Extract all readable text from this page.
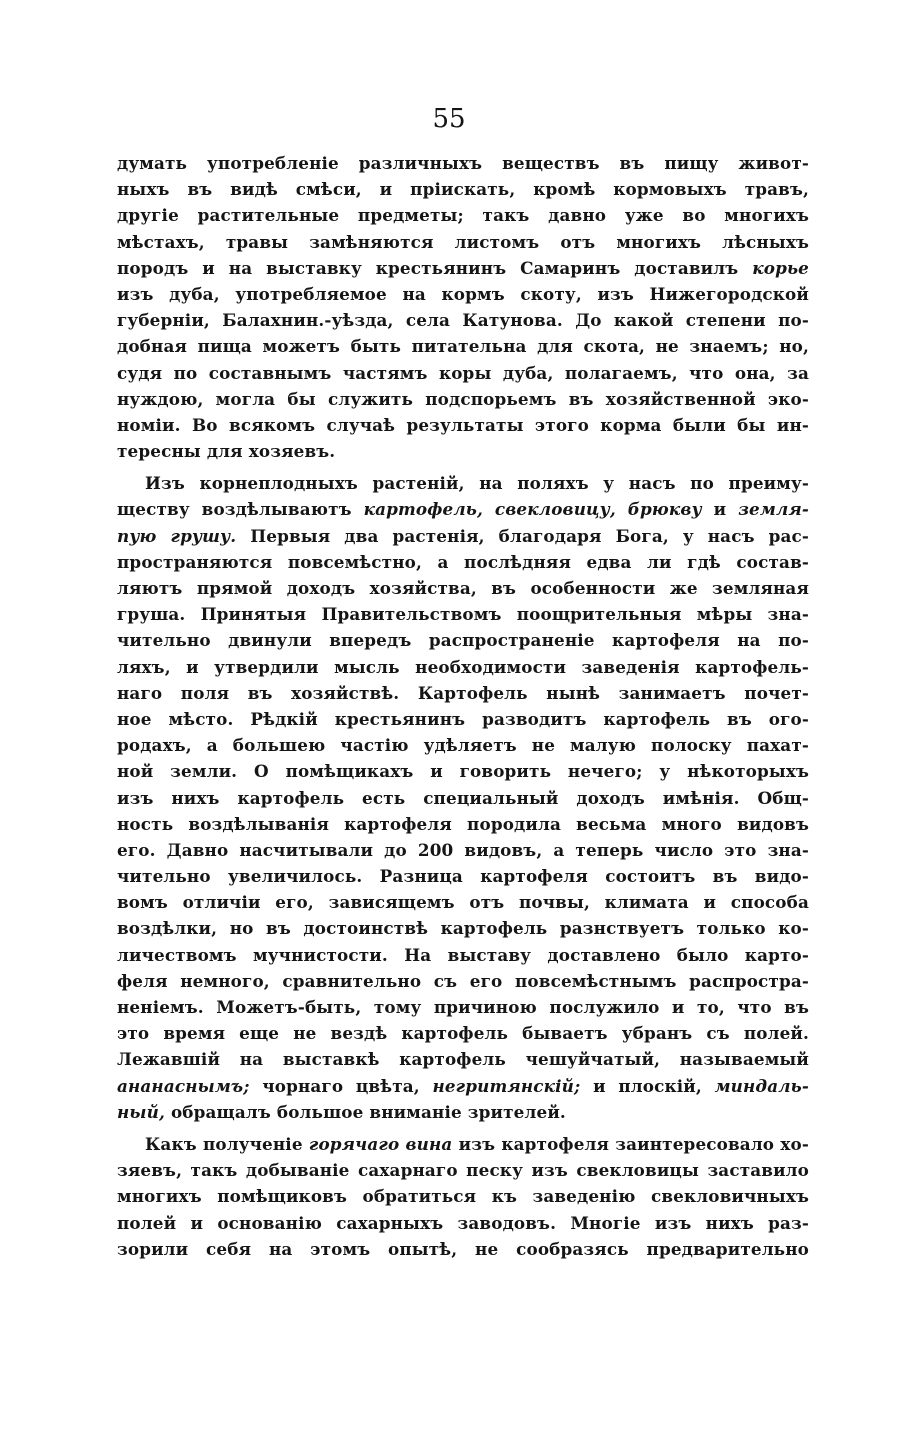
55
думать употребленіе различныхъ веществъ въ пищу живот-
ныхъ въ видѣ смѣси, и пріискать, кромѣ кормовыхъ травъ,
другіе растительные предметы; такъ давно уже во многихъ
мѣстахъ, травы замѣняются листомъ отъ многихъ лѣсныхъ
породъ и на выставку крестьянинъ Самаринъ доставилъ корье
изъ дуба, употребляемое на кормъ скоту, изъ Нижегородской
губерніи, Балахнин.-уѣзда, села Катунова. До какой степени по-
добная пища можетъ быть питательна для скота, не знаемъ; но,
судя по составнымъ частямъ коры дуба, полагаемъ, что она, за
нуждою, могла бы служить подспорьемъ въ хозяйственной эко-
номіи. Во всякомъ случаѣ результаты этого корма были бы ин-
тересны для хозяевъ.
Изъ корнеплодныхъ растеній, на поляхъ у насъ по преиму-
ществу воздѣлываютъ картофель, свекловицу, брюкву и земля-
пую грушу. Первыя два растенія, благодаря Бога, у насъ рас-
пространяются повсемѣстно, а послѣдняя едва ли гдѣ состав-
ляютъ прямой доходъ хозяйства, въ особенности же земляная
груша. Принятыя Правительствомъ поощрительныя мѣры зна-
чительно двинули впередъ распространеніе картофеля на по-
ляхъ, и утвердили мысль необходимости заведенія картофель-
наго поля въ хозяйствѣ. Картофель нынѣ занимаетъ почет-
ное мѣсто. Рѣдкій крестьянинъ разводитъ картофель въ ого-
родахъ, а большею частію удѣляетъ не малую полоску пахат-
ной земли. О помѣщикахъ и говорить нечего; у нѣкоторыхъ
изъ нихъ картофель есть специальный доходъ имѣнія. Общ-
ность воздѣлыванія картофеля породила весьма много видовъ
его. Давно насчитывали до 200 видовъ, а теперь число это зна-
чительно увеличилось. Разница картофеля состоитъ въ видо-
вомъ отличіи его, зависящемъ отъ почвы, климата и способа
воздѣлки, но въ достоинствѣ картофель разнствуетъ только ко-
личествомъ мучнистости. На выставу доставлено было карто-
феля немного, сравнительно съ его повсемѣстнымъ распростра-
неніемъ. Можетъ-быть, тому причиною послужило и то, что въ
это время еще не вездѣ картофель бываетъ убранъ съ полей.
Лежавшій на выставкѣ картофель чешуйчатый, называемый
ананаснымъ; чорнаго цвѣта, негритянскій; и плоскій, миндаль-
ный, обращалъ большое вниманіе зрителей.
Какъ полученіе горячаго вина изъ картофеля заинтересовало хо-
зяевъ, такъ добываніе сахарнаго песку изъ свекловицы заставило
многихъ помѣщиковъ обратиться къ заведенію свекловичныхъ
полей и основанію сахарныхъ заводовъ. Многіе изъ нихъ раз-
зорили себя на этомъ опытѣ, не сообразясь предварительно
